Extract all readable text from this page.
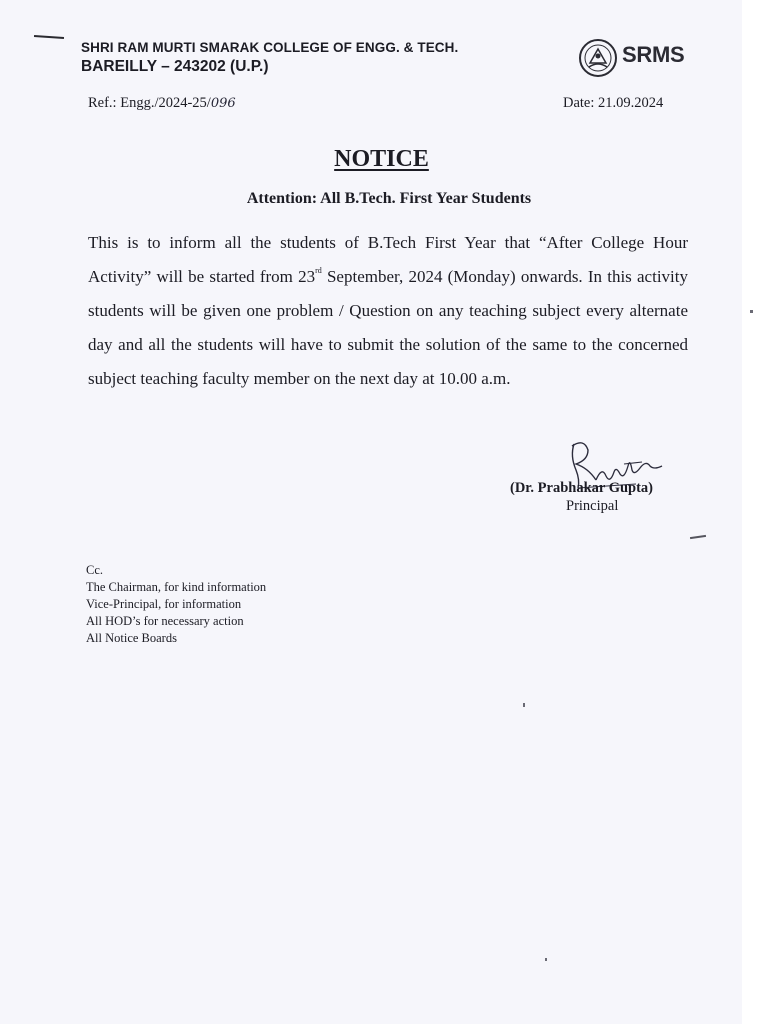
SHRI RAM MURTI SMARAK COLLEGE OF ENGG. & TECH.
BAREILLY – 243202 (U.P.)	SRMS
Ref.: Engg./2024-25/096	Date: 21.09.2024
NOTICE
Attention: All B.Tech. First Year Students
This is to inform all the students of B.Tech First Year that “After College Hour Activity” will be started from 23rd September, 2024 (Monday) onwards. In this activity students will be given one problem / Question on any teaching subject every alternate day and all the students will have to submit the solution of the same to the concerned subject teaching faculty member on the next day at 10.00 a.m.
(Dr. Prabhakar Gupta)
Principal
Cc.
The Chairman, for kind information
Vice-Principal, for information
All HOD’s for necessary action
All Notice Boards
